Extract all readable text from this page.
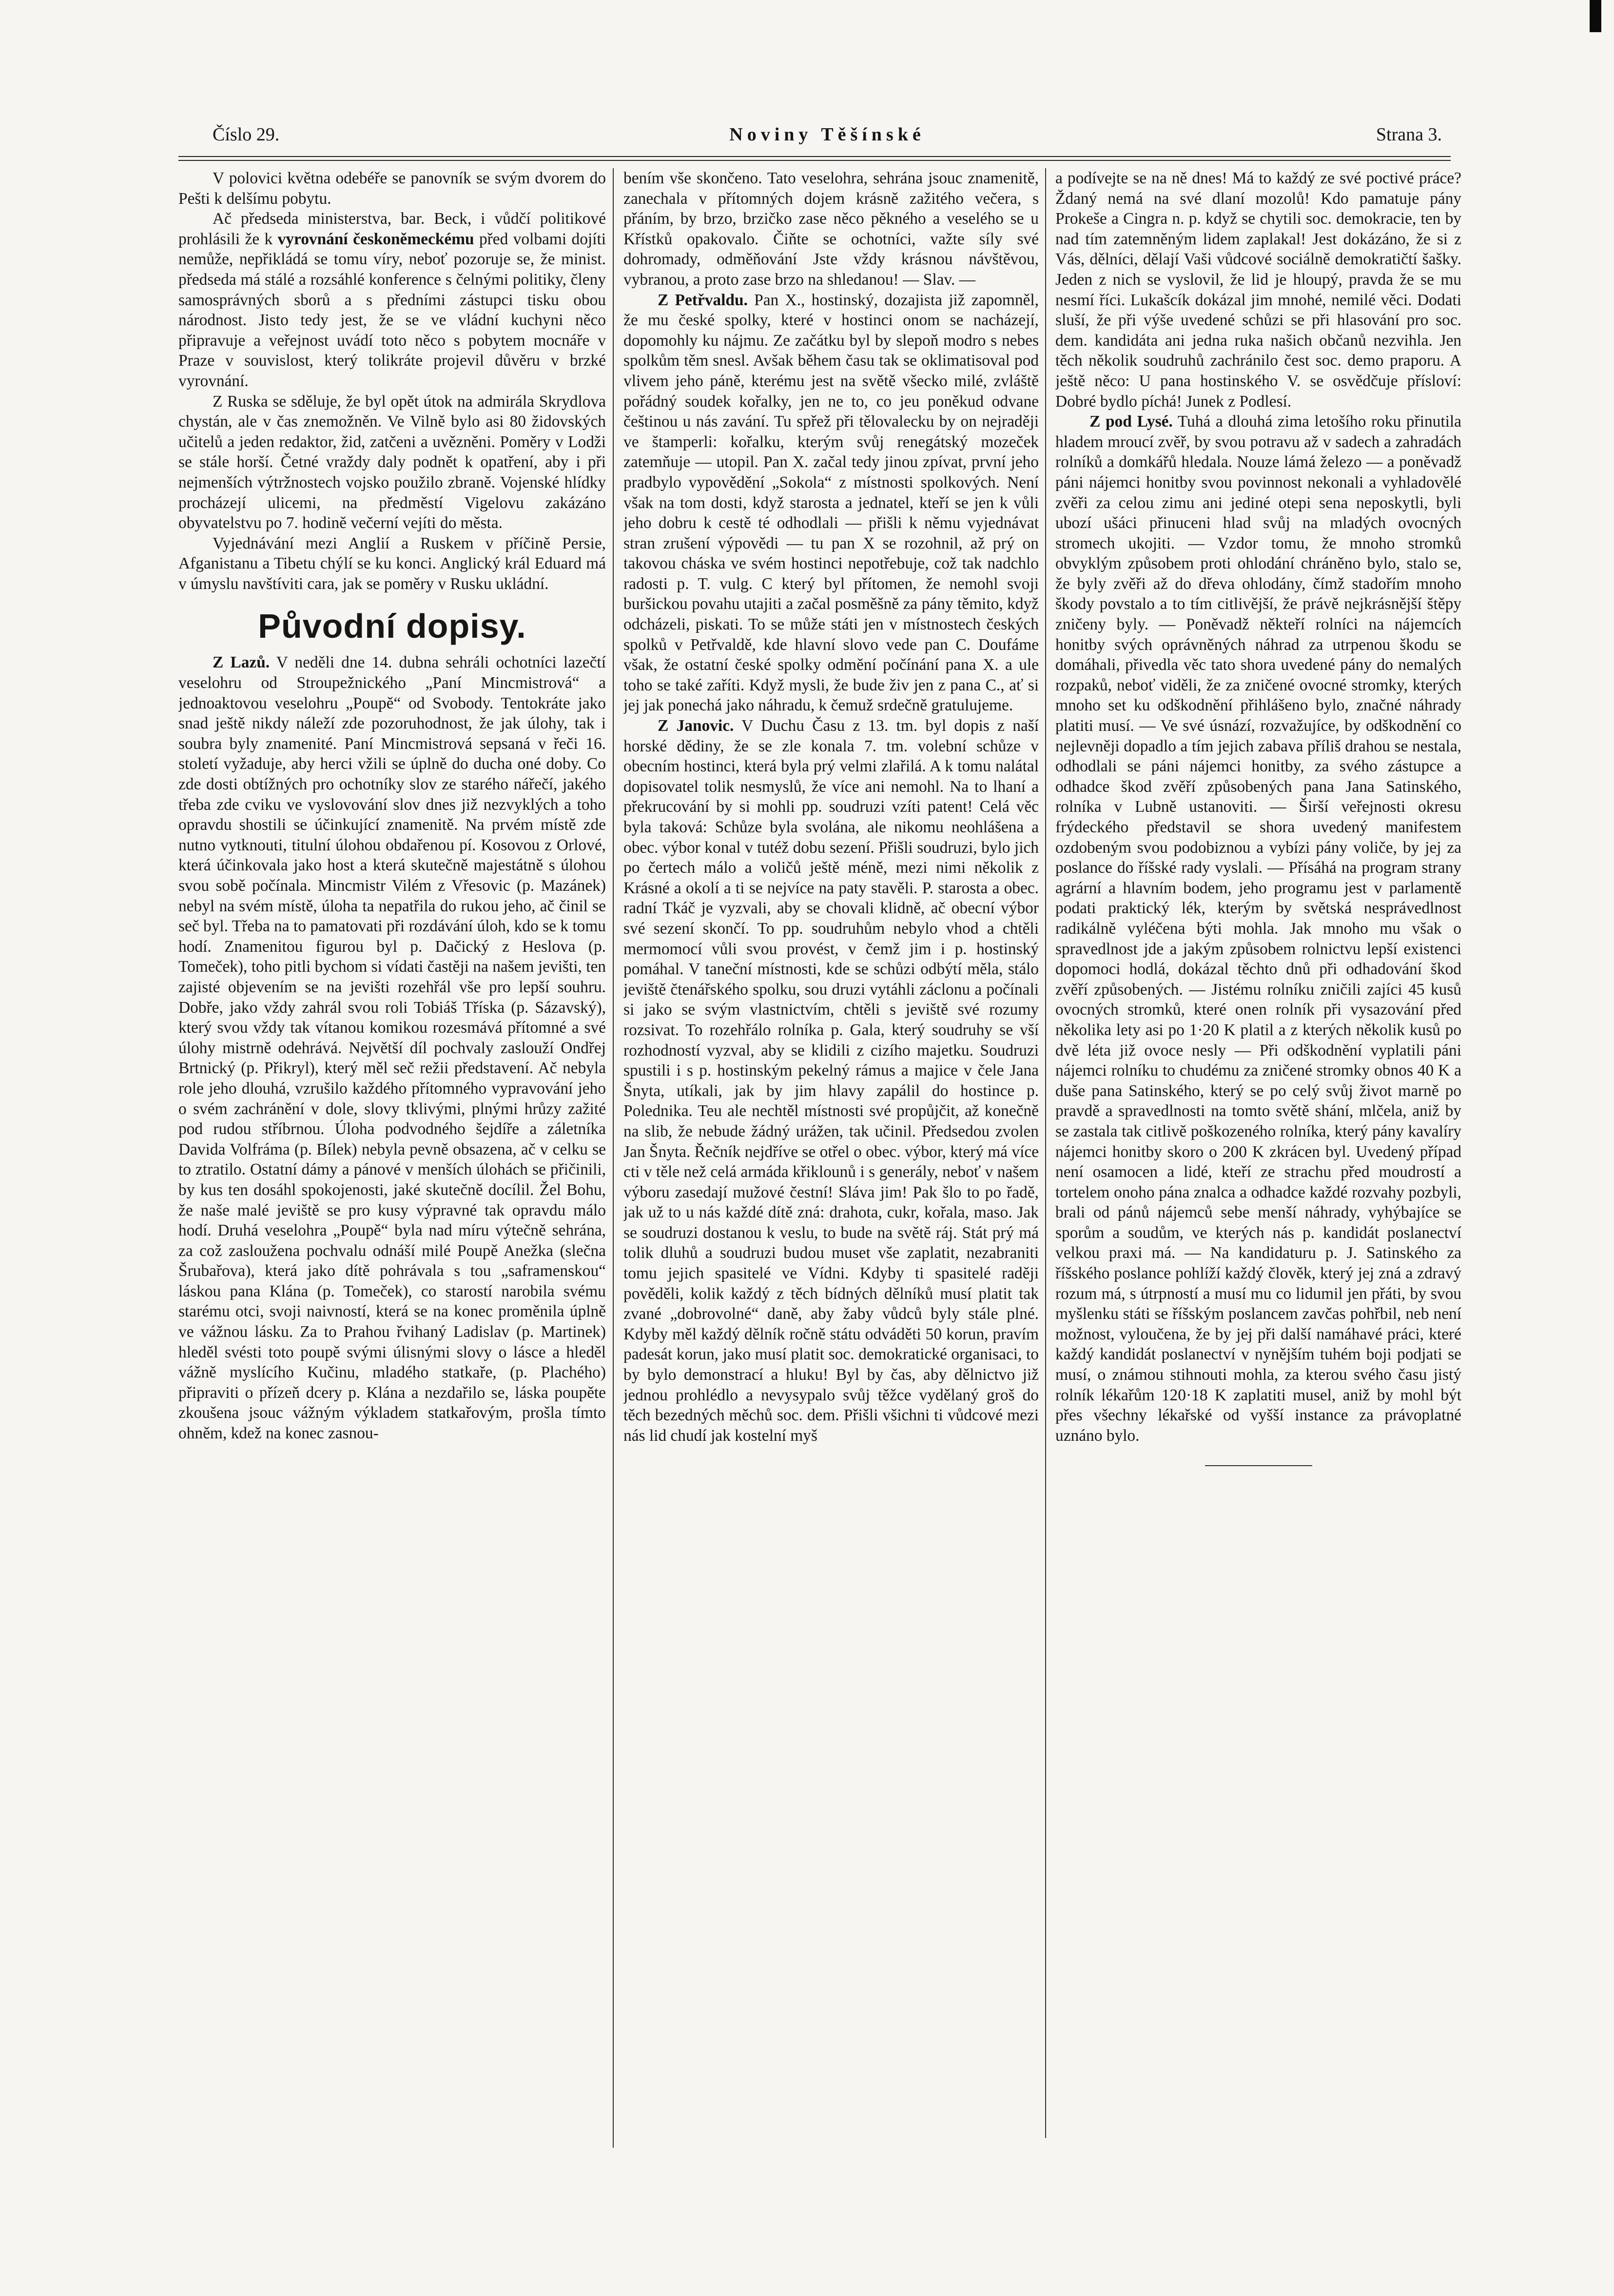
Číslo 29.	Noviny Těšínské	Strana 3.

V polovici května odebéře se panovník se svým dvorem do Pešti k delšímu pobytu.

Ač předseda ministerstva, bar. Beck, i vůdčí politikové prohlásili že k vyrovnání českoněmeckému před volbami dojíti nemůže, nepřikládá se tomu víry, neboť pozoruje se, že minist. předseda má stálé a rozsáhlé konference s čelnými politiky, členy samosprávných sborů a s předními zástupci tisku obou národnost. Jisto tedy jest, že se ve vládní kuchyni něco připravuje a veřejnost uvádí toto něco s pobytem mocnáře v Praze v souvislost, který tolikráte projevil důvěru v brzké vyrovnání.

Z Ruska se sděluje, že byl opět útok na admirála Skrydlova chystán, ale v čas znemožněn. Ve Vilně bylo asi 80 židovských učitelů a jeden redaktor, žid, zatčeni a uvězněni. Poměry v Lodži se stále horší. Četné vraždy daly podnět k opatření, aby i při nejmenších výtržnostech vojsko použilo zbraně. Vojenské hlídky procházejí ulicemi, na předměstí Vigelovu zakázáno obyvatelstvu po 7. hodině večerní vejíti do města.

Vyjednávání mezi Anglií a Ruskem v příčině Persie, Afganistanu a Tibetu chýlí se ku konci. Anglický král Eduard má v úmyslu navštíviti cara, jak se poměry v Rusku ukládní.

Původní dopisy.

Z Lazů. V neděli dne 14. dubna sehráli ochotníci lazečtí veselohru od Stroupežnického „Paní Mincmistrová“ a jednoaktovou veselohru „Poupě“ od Svobody. Tentokráte jako snad ještě nikdy náleží zde pozoruhodnost, že jak úlohy, tak i soubra byly znamenité. Paní Mincmistrová sepsaná v řeči 16. století vyžaduje, aby herci vžili se úplně do ducha oné doby. Co zde dosti obtížných pro ochotníky slov ze starého nářečí, jakého třeba zde cviku ve vyslovování slov dnes již nezvyklých a toho opravdu shostili se účinkující znamenitě. Na prvém místě zde nutno vytknouti, titulní úlohou obdařenou pí. Kosovou z Orlové, která účinkovala jako host a která skutečně majestátně s úlohou svou sobě počínala. Mincmistr Vilém z Vřesovic (p. Mazánek) nebyl na svém místě, úloha ta nepatřila do rukou jeho, ač činil se seč byl. Třeba na to pamatovati při rozdávání úloh, kdo se k tomu hodí. Znamenitou figurou byl p. Dačický z Heslova (p. Tomeček), toho pitli bychom si vídati častěji na našem jevišti, ten zajisté objevením se na jevišti rozehřál vše pro lepší souhru. Dobře, jako vždy zahrál svou roli Tobiáš Tříska (p. Sázavský), který svou vždy tak vítanou komikou rozesmává přítomné a své úlohy mistrně odehrává. Největší díl pochvaly zaslouží Ondřej Brtnický (p. Přikryl), který měl seč režii představení. Ač nebyla role jeho dlouhá, vzrušilo každého přítomného vypravování jeho o svém zachránění v dole, slovy tklivými, plnými hrůzy zažité pod rudou stříbrnou. Úloha podvodného šejdíře a záletníka Davida Volfráma (p. Bílek) nebyla pevně obsazena, ač v celku se to ztratilo. Ostatní dámy a pánové v menších úlohách se přičinili, by kus ten dosáhl spokojenosti, jaké skutečně docílil. Žel Bohu, že naše malé jeviště se pro kusy výpravné tak opravdu málo hodí. Druhá veselohra „Poupě“ byla nad míru výtečně sehrána, za což zasloužena pochvalu odnáší milé Poupě Anežka (slečna Šrubařova), která jako dítě pohrávala s tou „saframenskou“ láskou pana Klána (p. Tomeček), co starostí narobila svému starému otci, svoji naivností, která se na konec proměnila úplně ve vážnou lásku. Za to Prahou řvihaný Ladislav (p. Martinek) hleděl svésti toto poupě svými úlisnými slovy o lásce a hleděl vážně myslícího Kučinu, mladého statkaře, (p. Plachého) připraviti o přízeň dcery p. Klána a nezdařilo se, láska poupěte zkoušena jsouc vážným výkladem statkařovým, prošla tímto ohněm, kdež na konec zasnou-

bením vše skončeno. Tato veselohra, sehrána jsouc znamenitě, zanechala v přítomných dojem krásně zažitého večera, s přáním, by brzo, brzičko zase něco pěkného a veselého se u Křístků opakovalo. Čiňte se ochotníci, važte síly své dohromady, odměňování Jste vždy krásnou návštěvou, vybranou, a proto zase brzo na shledanou! — Slav. —

Z Petřvaldu. Pan X., hostinský, dozajista již zapomněl, že mu české spolky, které v hostinci onom se nacházejí, dopomohly ku nájmu. Ze začátku byl by slepoň modro s nebes spolkům těm snesl. Avšak během času tak se oklimatisoval pod vlivem jeho páně, kterému jest na světě všecko milé, zvláště pořádný soudek kořalky, jen ne to, co jeu poněkud odvane češtinou u nás zavání. Tu spřež při tělovalecku by on nejraději ve štamperli: kořalku, kterým svůj renegátský mozeček zatemňuje — utopil. Pan X. začal tedy jinou zpívat, první jeho pradbylo vypovědění „Sokola“ z místnosti spolkových. Není však na tom dosti, když starosta a jednatel, kteří se jen k vůli jeho dobru k cestě té odhodlali — přišli k němu vyjednávat stran zrušení výpovědi — tu pan X se rozohnil, až prý on takovou cháska ve svém hostinci nepotřebuje, což tak nadchlo radosti p. T. vulg. C který byl přítomen, že nemohl svoji buršickou povahu utajiti a začal posměšně za pány těmito, když odcházeli, piskati. To se může státi jen v místnostech českých spolků v Petřvaldě, kde hlavní slovo vede pan C. Doufáme však, že ostatní české spolky odmění počínání pana X. a ule toho se také zaříti. Když mysli, že bude živ jen z pana C., ať si jej jak ponechá jako náhradu, k čemuž srdečně gratulujeme.

Z Janovic. V Duchu Času z 13. tm. byl dopis z naší horské dědiny, že se zle konala 7. tm. volební schůze v obecním hostinci, která byla prý velmi zlařilá. A k tomu nalátal dopisovatel tolik nesmyslů, že více ani nemohl. Na to lhaní a překrucování by si mohli pp. soudruzi vzíti patent! Celá věc byla taková: Schůze byla svolána, ale nikomu neohlášena a obec. výbor konal v tutéž dobu sezení. Přišli soudruzi, bylo jich po čertech málo a voličů ještě méně, mezi nimi několik z Krásné a okolí a ti se nejvíce na paty stavěli. P. starosta a obec. radní Tkáč je vyzvali, aby se chovali klidně, ač obecní výbor své sezení skončí. To pp. soudruhům nebylo vhod a chtěli mermomocí vůli svou provést, v čemž jim i p. hostinský pomáhal. V taneční místnosti, kde se schůzi odbýtí měla, stálo jeviště čtenářského spolku, sou druzi vytáhli záclonu a počínali si jako se svým vlastnictvím, chtěli s jeviště své rozumy rozsivat. To rozehřálo rolníka p. Gala, který soudruhy se vší rozhodností vyzval, aby se klidili z cizího majetku. Soudruzi spustili i s p. hostinským pekelný rámus a majice v čele Jana Šnyta, utíkali, jak by jim hlavy zapálil do hostince p. Polednika. Teu ale nechtěl místnosti své propůjčit, až konečně na slib, že nebude žádný urážen, tak učinil. Předsedou zvolen Jan Šnyta. Řečník nejdříve se otřel o obec. výbor, který má více cti v těle než celá armáda křiklounů i s generály, neboť v našem výboru zasedají mužové čestní! Sláva jim! Pak šlo to po řadě, jak už to u nás každé dítě zná: drahota, cukr, kořala, maso. Jak se soudruzi dostanou k veslu, to bude na světě ráj. Stát prý má tolik dluhů a soudruzi budou muset vše zaplatit, nezabraniti tomu jejich spasitelé ve Vídni. Kdyby ti spasitelé raději pověděli, kolik každý z těch bídných dělníků musí platit tak zvané „dobrovolné“ daně, aby žaby vůdců byly stále plné. Kdyby měl každý dělník ročně státu odváděti 50 korun, pravím padesát korun, jako musí platit soc. demokratické organisaci, to by bylo demonstrací a hluku! Byl by čas, aby dělnictvo již jednou prohlédlo a nevysypalo svůj těžce vydělaný groš do těch bezedných měchů soc. dem. Přišli všichni ti vůdcové mezi nás lid chudí jak kostelní myš

a podívejte se na ně dnes! Má to každý ze své poctivé práce? Ždaný nemá na své dlaní mozolů! Kdo pamatuje pány Prokeše a Cingra n. p. když se chytili soc. demokracie, ten by nad tím zatemněným lidem zaplakal! Jest dokázáno, že si z Vás, dělníci, dělají Vaši vůdcové sociálně demokratičtí šašky. Jeden z nich se vyslovil, že lid je hloupý, pravda že se mu nesmí říci. Lukašcík dokázal jim mnohé, nemilé věci. Dodati sluší, že při výše uvedené schůzi se při hlasování pro soc. dem. kandidáta ani jedna ruka našich občanů nezvihla. Jen těch několik soudruhů zachránilo čest soc. demo praporu. A ještě něco: U pana hostinského V. se osvědčuje přísloví: Dobré bydlo píchá! Junek z Podlesí.

Z pod Lysé. Tuhá a dlouhá zima letošího roku přinutila hladem mroucí zvěř, by svou potravu až v sadech a zahradách rolníků a domkářů hledala. Nouze lámá železo — a poněvadž páni nájemci honitby svou povinnost nekonali a vyhladovělé zvěři za celou zimu ani jediné otepi sena neposkytli, byli ubozí ušáci přinuceni hlad svůj na mladých ovocných stromech ukojiti. — Vzdor tomu, že mnoho stromků obvyklým způsobem proti ohlodání chráněno bylo, stalo se, že byly zvěři až do dřeva ohlodány, čímž stadořím mnoho škody povstalo a to tím citlivější, že právě nejkrásnější štěpy zničeny byly. — Poněvadž někteří rolníci na nájemcích honitby svých oprávněných náhrad za utrpenou škodu se domáhali, přivedla věc tato shora uvedené pány do nemalých rozpaků, neboť viděli, že za zničené ovocné stromky, kterých mnoho set ku odškodnění přihlášeno bylo, značné náhrady platiti musí. — Ve své úsnází, rozvažujíce, by odškodnění co nejlevněji dopadlo a tím jejich zabava příliš drahou se nestala, odhodlali se páni nájemci honitby, za svého zástupce a odhadce škod zvěří způsobených pana Jana Satinského, rolníka v Lubně ustanoviti. — Širší veřejnosti okresu frýdeckého představil se shora uvedený manifestem ozdobeným svou podobiznou a vybízi pány voliče, by jej za poslance do říšské rady vyslali. — Přísáhá na program strany agrární a hlavním bodem, jeho programu jest v parlamentě podati praktický lék, kterým by světská nesprávedlnost radikálně vyléčena býti mohla. Jak mnoho mu však o spravedlnost jde a jakým způsobem rolnictvu lepší existenci dopomoci hodlá, dokázal těchto dnů při odhadování škod zvěří způsobených. — Jistému rolníku zničili zajíci 45 kusů ovocných stromků, které onen rolník při vysazování před několika lety asi po 1·20 K platil a z kterých několik kusů po dvě léta již ovoce nesly — Při odškodnění vyplatili páni nájemci rolníku to chudému za zničené stromky obnos 40 K a duše pana Satinského, který se po celý svůj život marně po pravdě a spravedlnosti na tomto světě shání, mlčela, aniž by se zastala tak citlivě poškozeného rolníka, který pány kavalíry nájemci honitby skoro o 200 K zkrácen byl. Uvedený případ není osamocen a lidé, kteří ze strachu před moudrostí a tortelem onoho pána znalca a odhadce každé rozvahy pozbyli, brali od pánů nájemců sebe menší náhrady, vyhýbajíce se sporům a soudům, ve kterých nás p. kandidát poslanectví velkou praxi má. — Na kandidaturu p. J. Satinského za říšského poslance pohlíží každý člověk, který jej zná a zdravý rozum má, s útrpností a musí mu co lidumil jen přáti, by svou myšlenku státi se říšským poslancem zavčas pohřbil, neb není možnost, vyloučena, že by jej při další namáhavé práci, které každý kandidát poslanectví v nynějším tuhém boji podjati se musí, o známou stihnouti mohla, za kterou svého času jistý rolník lékařům 120·18 K zaplatiti musel, aniž by mohl být přes všechny lékařské od vyšší instance za právoplatné uznáno bylo.
